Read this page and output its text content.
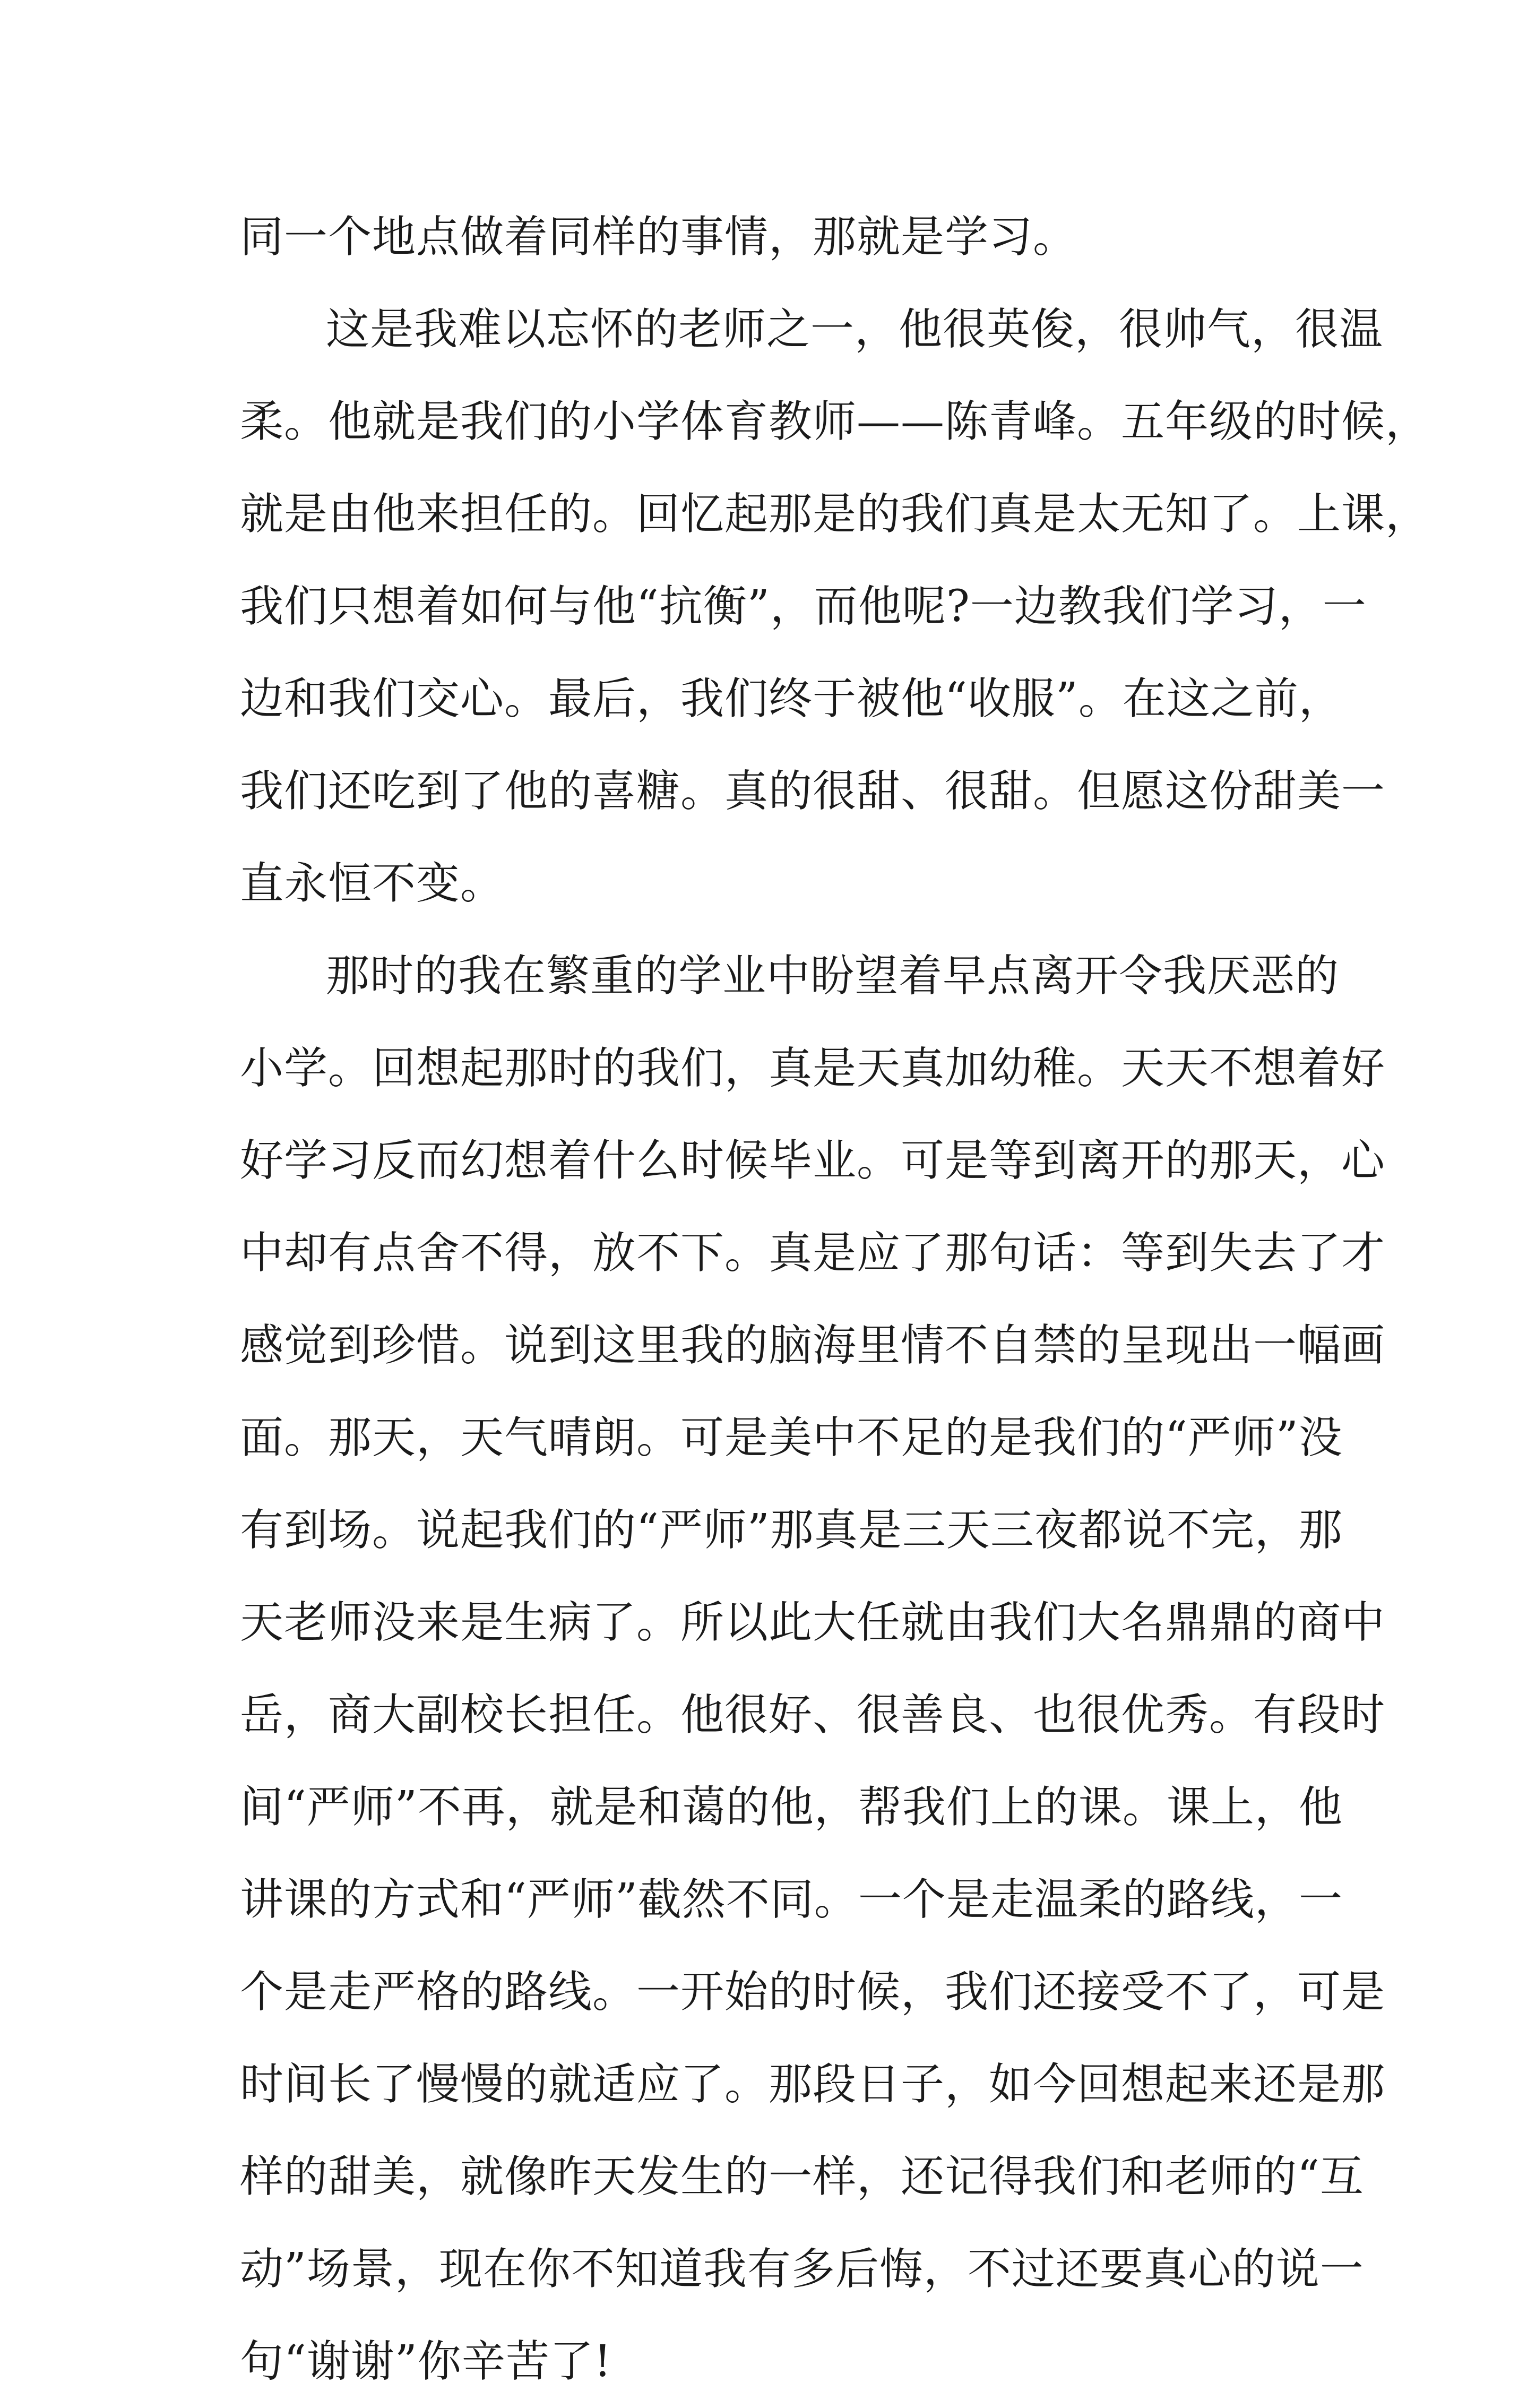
同一个地点做着同样的事情，那就是学习。
这是我难以忘怀的老师之一，他很英俊，很帅气，很温
柔。他就是我们的小学体育教师——陈青峰。五年级的时候，
就是由他来担任的。回忆起那是的我们真是太无知了。上课，
我们只想着如何与他“抗衡”，而他呢?一边教我们学习，一
边和我们交心。最后，我们终于被他“收服”。在这之前，
我们还吃到了他的喜糖。真的很甜、很甜。但愿这份甜美一
直永恒不变。
那时的我在繁重的学业中盼望着早点离开令我厌恶的
小学。回想起那时的我们，真是天真加幼稚。天天不想着好
好学习反而幻想着什么时候毕业。可是等到离开的那天，心
中却有点舍不得，放不下。真是应了那句话：等到失去了才
感觉到珍惜。说到这里我的脑海里情不自禁的呈现出一幅画
面。那天，天气晴朗。可是美中不足的是我们的“严师”没
有到场。说起我们的“严师”那真是三天三夜都说不完，那
天老师没来是生病了。所以此大任就由我们大名鼎鼎的商中
岳，商大副校长担任。他很好、很善良、也很优秀。有段时
间“严师”不再，就是和蔼的他，帮我们上的课。课上，他
讲课的方式和“严师”截然不同。一个是走温柔的路线，一
个是走严格的路线。一开始的时候，我们还接受不了，可是
时间长了慢慢的就适应了。那段日子，如今回想起来还是那
样的甜美，就像昨天发生的一样，还记得我们和老师的“互
动”场景，现在你不知道我有多后悔，不过还要真心的说一
句“谢谢”你辛苦了!
